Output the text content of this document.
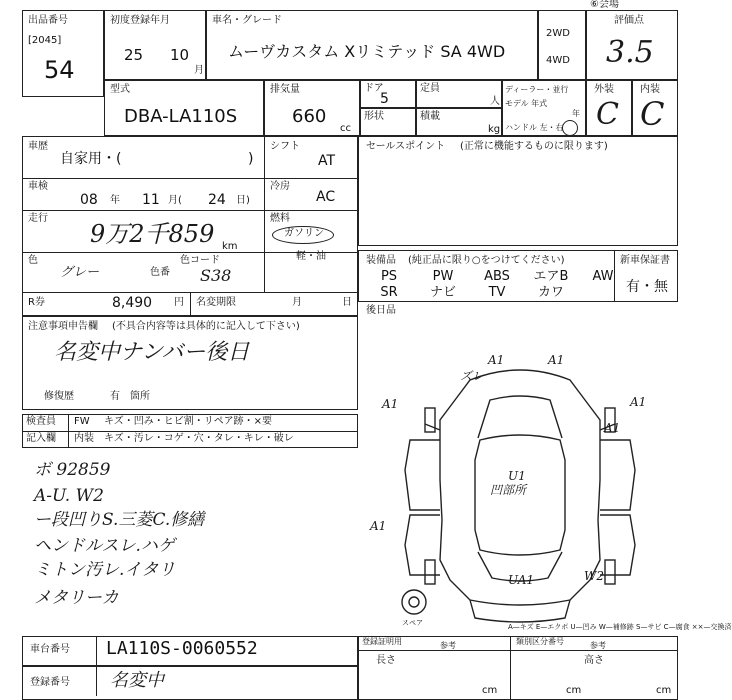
出品番号
[2045]
54
初度登録年月
25 10
月
車名・グレード
ムーヴカスタム Xリミテッド SA 4WD
2WD
4WD
評価点
3.5
⑥会場
型式
DBA-LA110S
排気量
660
cc
ドア
5
形状
定員
人
積載
kg
ディーラー・並行
モデル 年式
年
ハンドル 左・右
外装
C
内装
C
車歴
自家用・(	)
シフト
AT
車検
08 年 11 月( 24 日)
冷房
AC
走行
9万2千859 km
燃料
ガソリン
軽・油
色
グレー	色番
色コード
S38
R券	8,490 円 名変期限	月	日
注意事項申告欄 (不具合内容等は具体的に記入して下さい)
名変中ナンバー後日
修復歴	有 箇所
検査員
記入欄
FW キズ・凹み・ヒビ割・リペア跡・×要
内装 キズ・汚レ・コゲ・穴・タレ・キレ・破レ
ボ 92859
A-U. W2
ー段凹りS.三菱C.修繕
ヘンドルスレ.ハゲ
ミトン汚レ.イタリ
メタリーカ
セールスポイント (正常に機能するものに限ります)
装備品 (純正品に限り○をつけてください)	新車保証書
有・無
PS	PW	ABS	エアB	AW
SR	ナビ	TV	カワ
後日品
スペア
A1	A1
A1	A1
A1
U1
凹部所
W2
UA1
A1
ズレ
A—キズ E—エクボ U—凹み W—補修跡 S—サビ C—腐食 ××—交換済
車台番号 LA110S-0060552
登録番号 名変中
登録証明用	参考	類別区分番号	参考
長さ	高さ
cm	cm	cm
